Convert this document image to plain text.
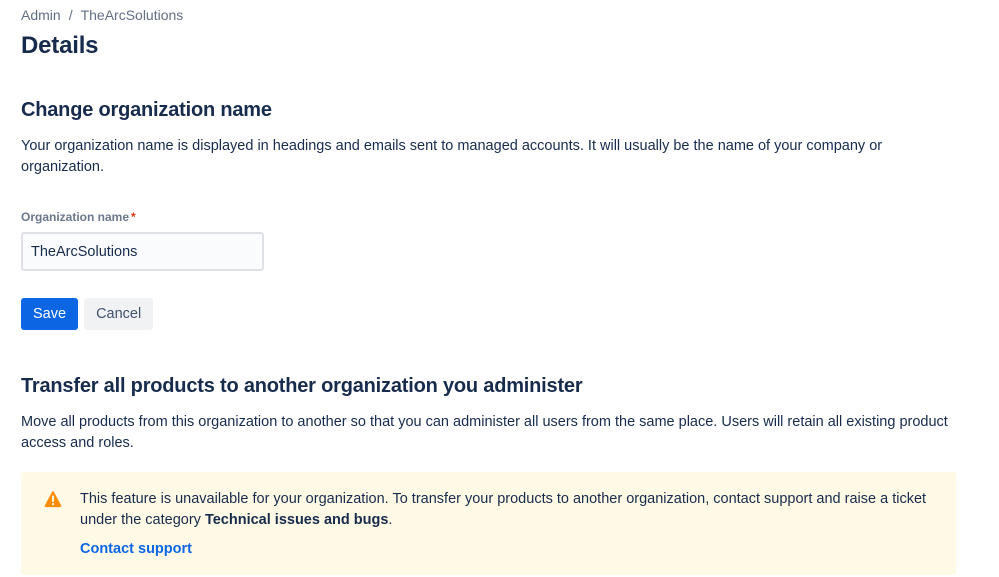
Admin / TheArcSolutions
Details
Change organization name

Your organization name is displayed in headings and emails sent to managed accounts. It will usually be the name of your company or organization.

Organization name *
TheArcSolutions
Save	Cancel
Transfer all products to another organization you administer

Move all products from this organization to another so that you can administer all users from the same place. Users will retain all existing product access and roles.

This feature is unavailable for your organization. To transfer your products to another organization, contact support and raise a ticket under the category Technical issues and bugs.
Contact support
